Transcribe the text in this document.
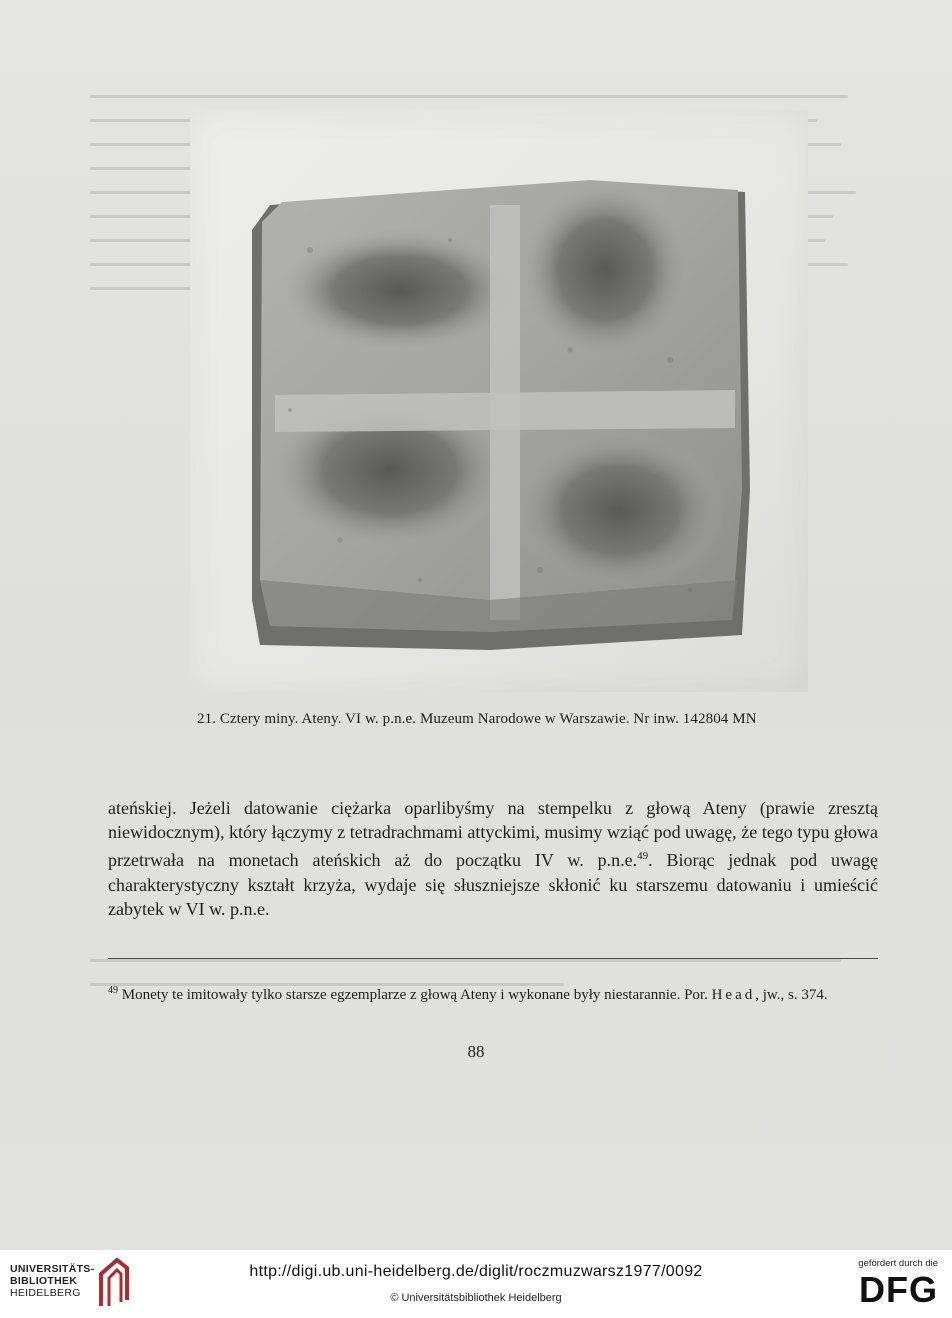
21. Cztery miny. Ateny. VI w. p.n.e. Muzeum Narodowe w Warszawie. Nr inw. 142804 MN

ateńskiej. Jeżeli datowanie ciężarka oparlibyśmy na stempelku z głową Ateny (prawie zresztą niewidocznym), który łączymy z tetradrachmami attyckimi, musimy wziąć pod uwagę, że tego typu głowa przetrwała na monetach ateńskich aż do początku IV w. p.n.e.$^{49}$. Biorąc jednak pod uwagę charakterystyczny kształt krzyża, wydaje się słuszniejsze skłonić ku starszemu datowaniu i umieścić zabytek w VI w. p.n.e.

$^{49}$ Monety te imitowały tylko starsze egzemplarze z głową Ateny i wykonane były niestarannie. Por. Head, jw., s. 374.
88
UNIVERSITÄTS-
BIBLIOTHEK
HEIDELBERG
http://digi.ub.uni-heidelberg.de/diglit/roczmuzwarsz1977/0092
© Universitätsbibliothek Heidelberg
gefördert durch die
DFG
